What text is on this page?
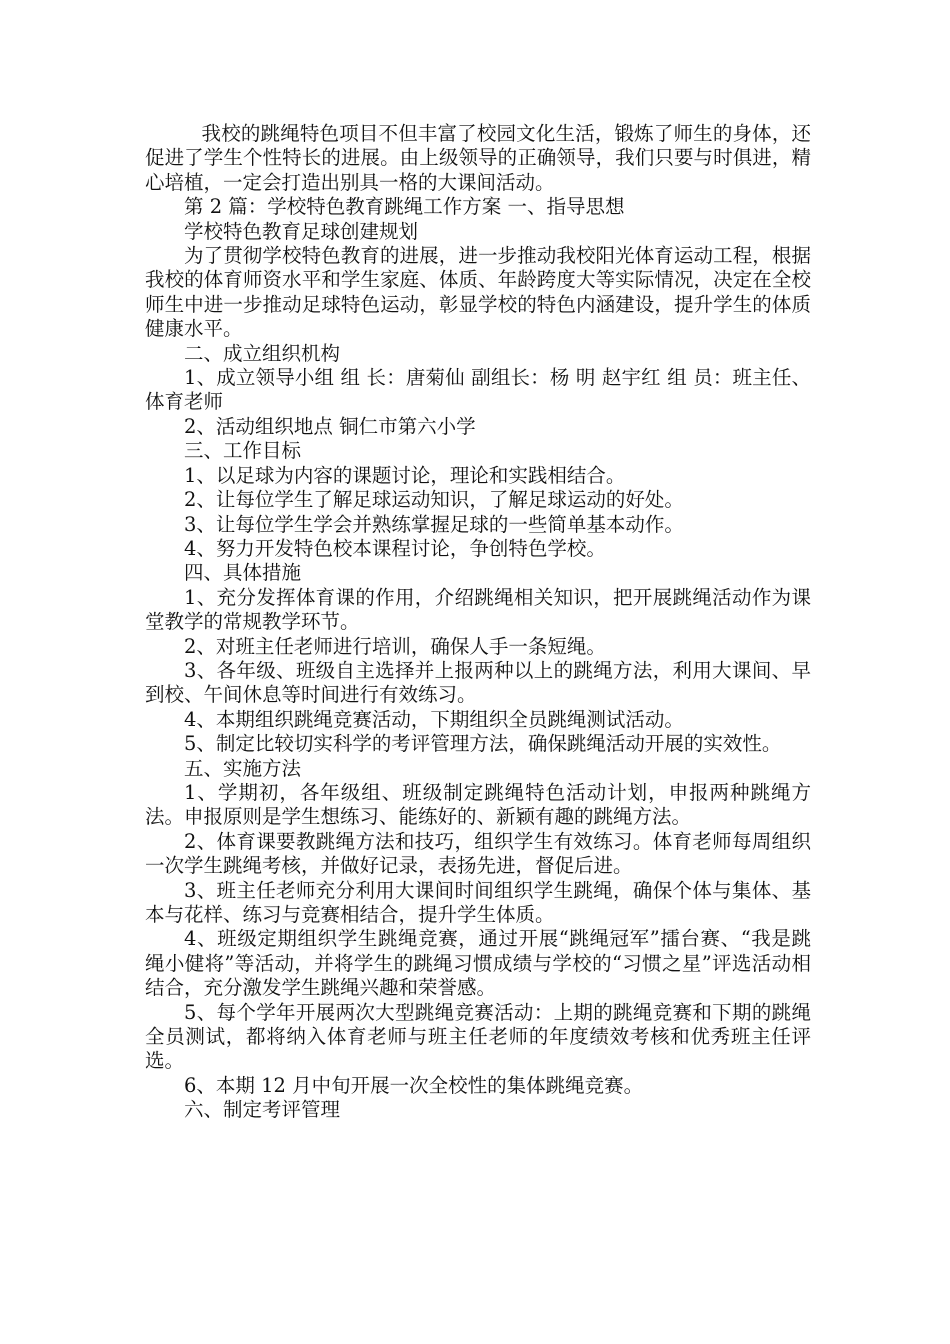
我校的跳绳特色项目不但丰富了校园文化生活，锻炼了师生的身体，还促进了学生个性特长的进展。由上级领导的正确领导，我们只要与时俱进，精心培植，一定会打造出别具一格的大课间活动。

第 2 篇：学校特色教育跳绳工作方案 一、指导思想

学校特色教育足球创建规划

为了贯彻学校特色教育的进展，进一步推动我校阳光体育运动工程，根据我校的体育师资水平和学生家庭、体质、年龄跨度大等实际情况，决定在全校师生中进一步推动足球特色运动，彰显学校的特色内涵建设，提升学生的体质健康水平。

二、成立组织机构

1、成立领导小组 组 长：唐菊仙 副组长：杨 明 赵宇红 组 员：班主任、体育老师

2、活动组织地点 铜仁市第六小学

三、工作目标

1、以足球为内容的课题讨论，理论和实践相结合。

2、让每位学生了解足球运动知识，了解足球运动的好处。

3、让每位学生学会并熟练掌握足球的一些简单基本动作。

4、努力开发特色校本课程讨论，争创特色学校。

四、具体措施

1、充分发挥体育课的作用，介绍跳绳相关知识，把开展跳绳活动作为课堂教学的常规教学环节。

2、对班主任老师进行培训，确保人手一条短绳。

3、各年级、班级自主选择并上报两种以上的跳绳方法，利用大课间、早到校、午间休息等时间进行有效练习。

4、本期组织跳绳竞赛活动，下期组织全员跳绳测试活动。

5、制定比较切实科学的考评管理方法，确保跳绳活动开展的实效性。

五、实施方法

1、学期初，各年级组、班级制定跳绳特色活动计划，申报两种跳绳方法。申报原则是学生想练习、能练好的、新颖有趣的跳绳方法。

2、体育课要教跳绳方法和技巧，组织学生有效练习。体育老师每周组织一次学生跳绳考核，并做好记录，表扬先进，督促后进。

3、班主任老师充分利用大课间时间组织学生跳绳，确保个体与集体、基本与花样、练习与竞赛相结合，提升学生体质。

4、班级定期组织学生跳绳竞赛，通过开展“跳绳冠军”擂台赛、“我是跳绳小健将”等活动，并将学生的跳绳习惯成绩与学校的“习惯之星”评选活动相结合，充分激发学生跳绳兴趣和荣誉感。

5、每个学年开展两次大型跳绳竞赛活动：上期的跳绳竞赛和下期的跳绳全员测试，都将纳入体育老师与班主任老师的年度绩效考核和优秀班主任评选。

6、本期 12 月中旬开展一次全校性的集体跳绳竞赛。

六、制定考评管理
